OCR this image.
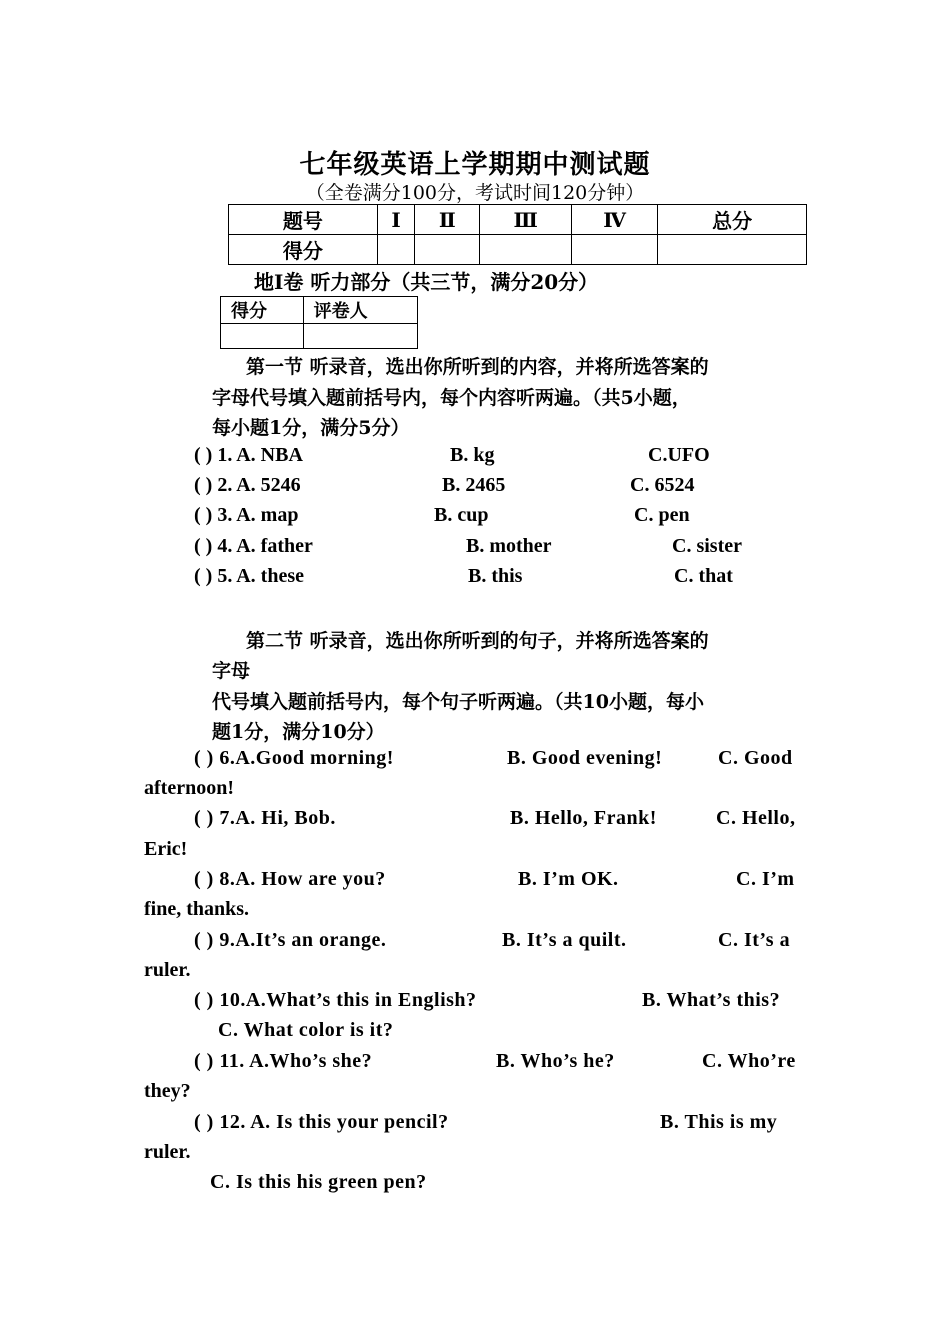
七年级英语上学期期中测试题
（全卷满分100分，考试时间120分钟）
题号	Ⅰ	Ⅱ	Ⅲ	Ⅳ	总分
得分					
地Ⅰ卷 听力部分（共三节，满分20分）
得分	评卷人

第一节 听录音，选出你所听到的内容，并将所选答案的
字母代号填入题前括号内，每个内容听两遍。（共5小题，
每小题1分，满分5分）
( ) 1. A. NBA	B. kg	C.UFO
( ) 2. A. 5246	B. 2465	C. 6524
( ) 3. A. map	B. cup	C. pen
( ) 4. A. father	B. mother	C. sister
( ) 5. A. these	B. this	C. that
第二节 听录音，选出你所听到的句子，并将所选答案的
字母
代号填入题前括号内，每个句子听两遍。（共10小题，每小
题1分，满分10分）
( ) 6.A.Good morning!	B. Good evening!	C. Good
afternoon!
( ) 7.A. Hi, Bob.	B. Hello, Frank!	C. Hello,
Eric!
( ) 8.A. How are you?	B. I’m OK.	C. I’m
fine, thanks.
( ) 9.A.It’s an orange.	B. It’s a quilt.	C. It’s a
ruler.
( ) 10.A.What’s this in English?	B. What’s this?
C. What color is it?
( ) 11. A.Who’s she?	B. Who’s he?	C. Who’re
they?
( ) 12. A. Is this your pencil?	B. This is my
ruler.
C. Is this his green pen?
